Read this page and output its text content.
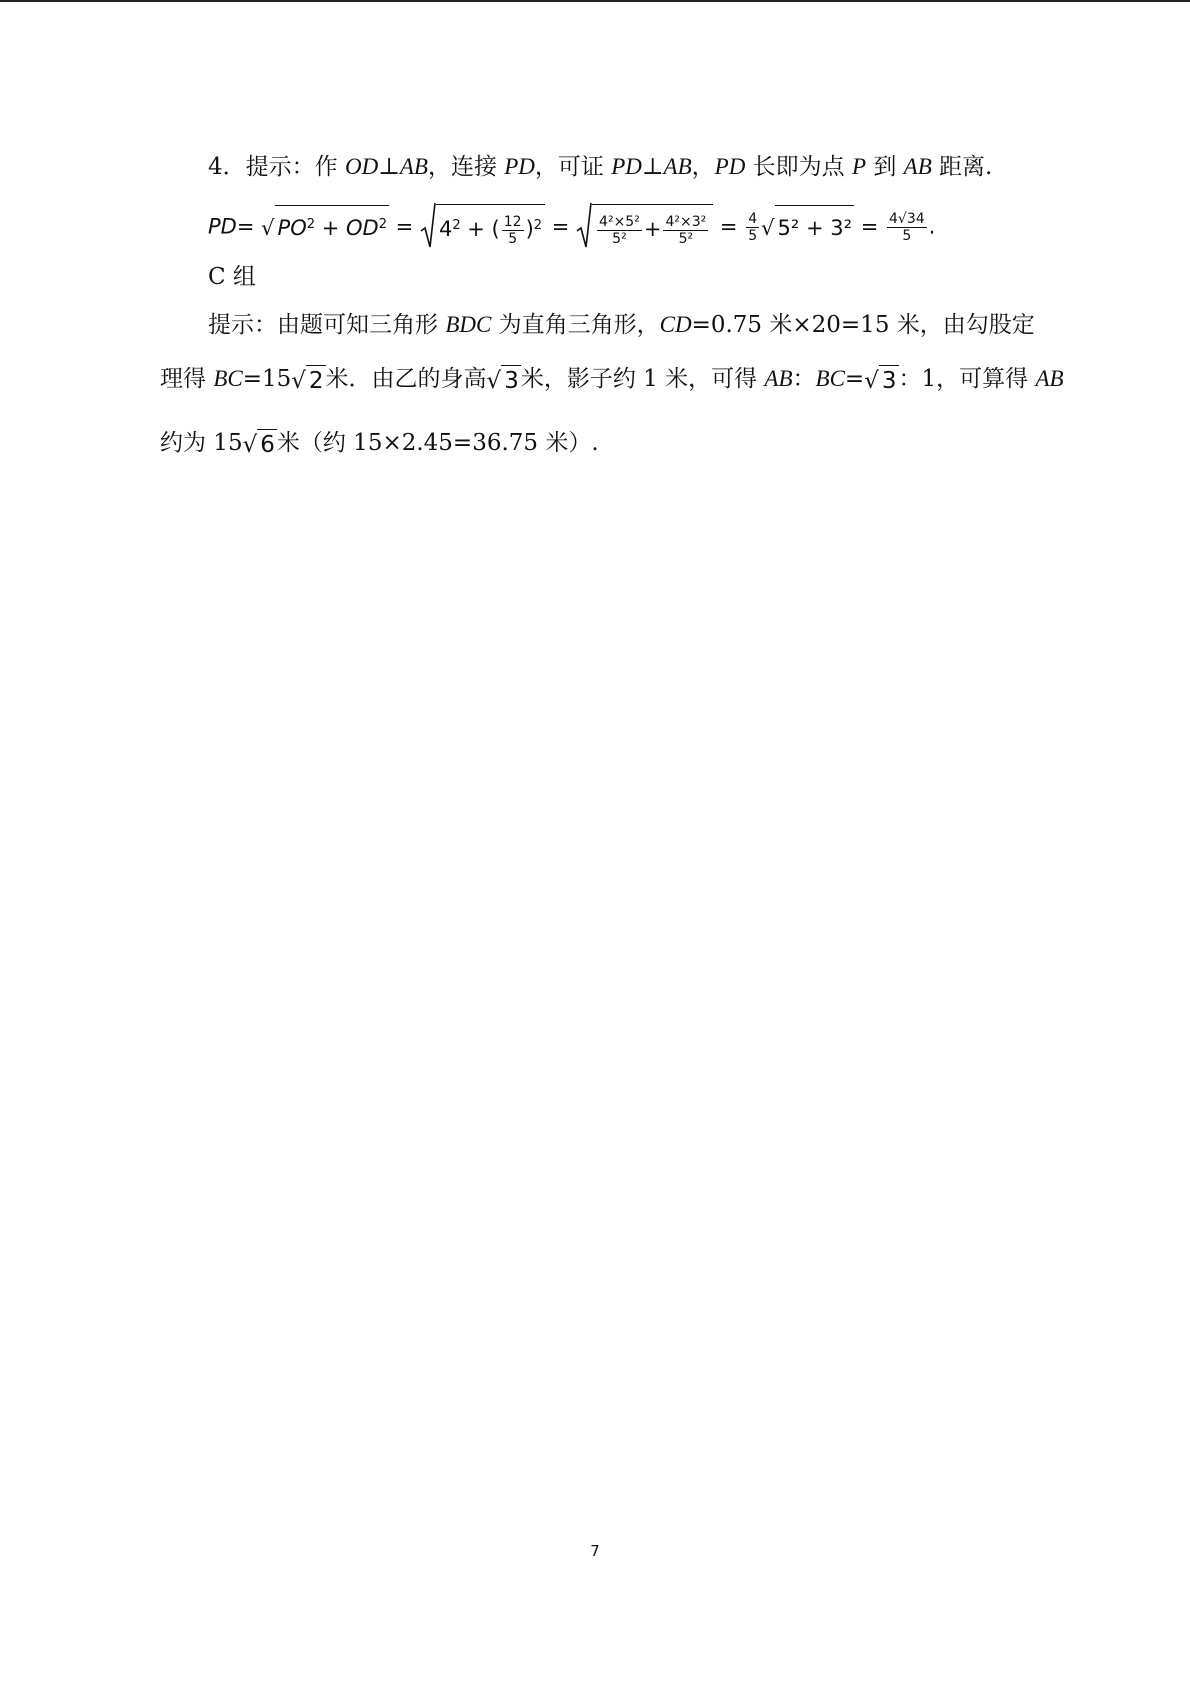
4．提示：作 OD⊥AB，连接 PD，可证 PD⊥AB，PD 长即为点 P 到 AB 距离.
PD= √ $PO^2 + OD^2 = 4^2$ + ( $\frac{12}{5} )^2 = \frac{\text{4²×5²}}{\text{5²}} + \frac{\text{4²×3²}}{\text{5²}} = \frac{4}{5}$ √ $5^2 + 3^2 = \frac{4√34}{5}$ .
C 组
提示：由题可知三角形 BDC 为直角三角形，CD=0.75 米×20=15 米，由勾股定
理得 BC=15√ 2米．由乙的身高√ 3米，影子约 1 米，可得 AB：BC=√ 3：1，可算得 AB
约为 15√ 6米（约 15×2.45=36.75 米）.
7
